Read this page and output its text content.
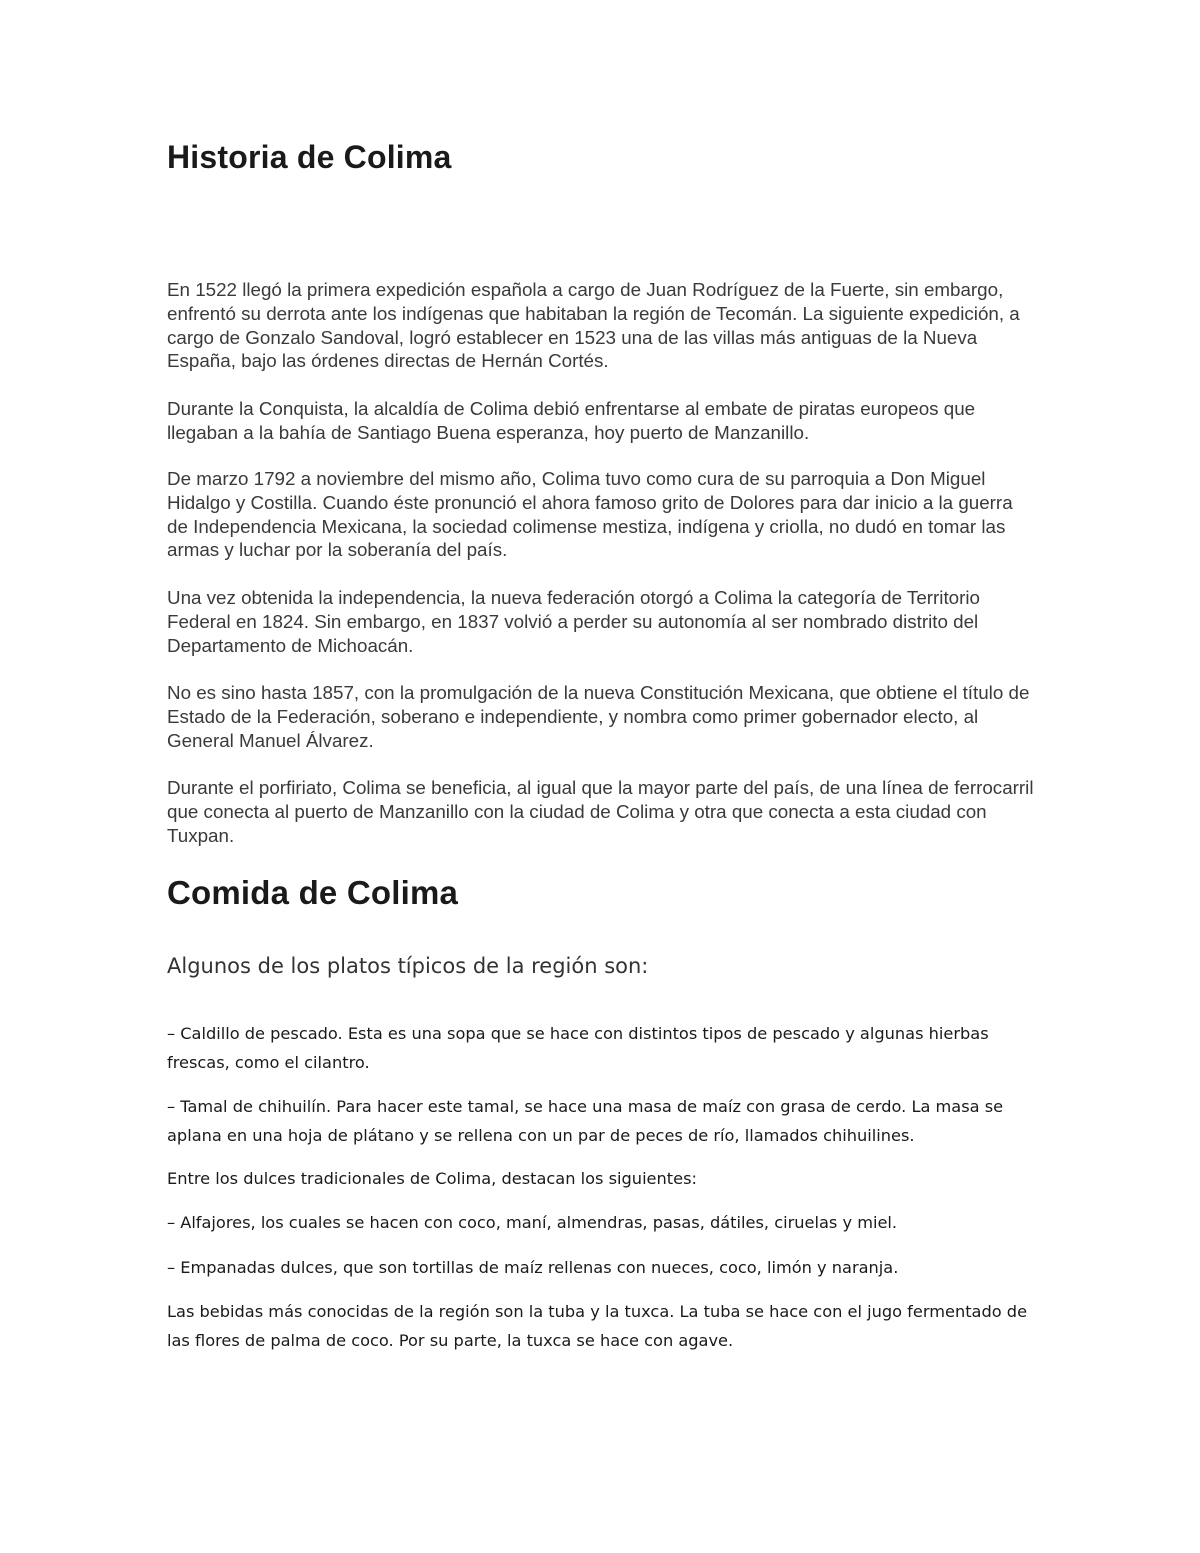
Historia de Colima

En 1522 llegó la primera expedición española a cargo de Juan Rodríguez de la Fuerte, sin embargo, enfrentó su derrota ante los indígenas que habitaban la región de Tecomán. La siguiente expedición, a cargo de Gonzalo Sandoval, logró establecer en 1523 una de las villas más antiguas de la Nueva España, bajo las órdenes directas de Hernán Cortés.

Durante la Conquista, la alcaldía de Colima debió enfrentarse al embate de piratas europeos que llegaban a la bahía de Santiago Buena esperanza, hoy puerto de Manzanillo.

De marzo 1792 a noviembre del mismo año, Colima tuvo como cura de su parroquia a Don Miguel Hidalgo y Costilla. Cuando éste pronunció el ahora famoso grito de Dolores para dar inicio a la guerra de Independencia Mexicana, la sociedad colimense mestiza, indígena y criolla, no dudó en tomar las armas y luchar por la soberanía del país.

Una vez obtenida la independencia, la nueva federación otorgó a Colima la categoría de Territorio Federal en 1824. Sin embargo, en 1837 volvió a perder su autonomía al ser nombrado distrito del Departamento de Michoacán.

No es sino hasta 1857, con la promulgación de la nueva Constitución Mexicana, que obtiene el título de Estado de la Federación, soberano e independiente, y nombra como primer gobernador electo, al General Manuel Álvarez.

Durante el porfiriato, Colima se beneficia, al igual que la mayor parte del país, de una línea de ferrocarril que conecta al puerto de Manzanillo con la ciudad de Colima y otra que conecta a esta ciudad con Tuxpan.

Comida de Colima

Algunos de los platos típicos de la región son:

– Caldillo de pescado. Esta es una sopa que se hace con distintos tipos de pescado y algunas hierbas frescas, como el cilantro.

– Tamal de chihuilín. Para hacer este tamal, se hace una masa de maíz con grasa de cerdo. La masa se aplana en una hoja de plátano y se rellena con un par de peces de río, llamados chihuilines.

Entre los dulces tradicionales de Colima, destacan los siguientes:

– Alfajores, los cuales se hacen con coco, maní, almendras, pasas, dátiles, ciruelas y miel.

– Empanadas dulces, que son tortillas de maíz rellenas con nueces, coco, limón y naranja.

Las bebidas más conocidas de la región son la tuba y la tuxca. La tuba se hace con el jugo fermentado de las flores de palma de coco. Por su parte, la tuxca se hace con agave.
